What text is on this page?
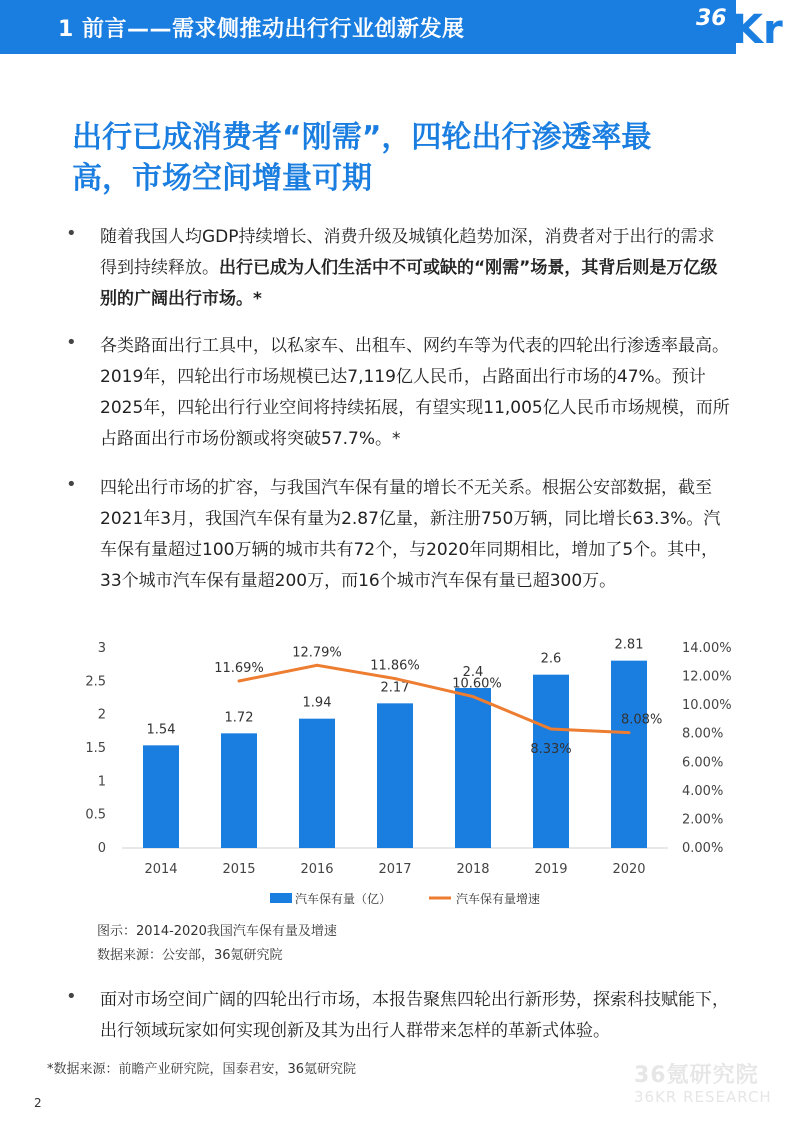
1 前言——需求侧推动出行行业创新发展	36 Kr
出行已成消费者“刚需”，四轮出行渗透率最
高，市场空间增量可期
• 随着我国人均GDP持续增长、消费升级及城镇化趋势加深，消费者对于出行的需求得到持续释放。出行已成为人们生活中不可或缺的“刚需”场景，其背后则是万亿级别的广阔出行市场。*
• 各类路面出行工具中，以私家车、出租车、网约车等为代表的四轮出行渗透率最高。2019年，四轮出行市场规模已达7,119亿人民币，占路面出行市场的47%。预计2025年，四轮出行行业空间将持续拓展，有望实现11,005亿人民币市场规模，而所占路面出行市场份额或将突破57.7%。*
• 四轮出行市场的扩容，与我国汽车保有量的增长不无关系。根据公安部数据，截至2021年3月，我国汽车保有量为2.87亿量，新注册750万辆，同比增长63.3%。汽车保有量超过100万辆的城市共有72个，与2020年同期相比，增加了5个。其中，33个城市汽车保有量超200万，而16个城市汽车保有量已超300万。
0
0.5
1
1.5
2
2.5
3
0.00%
2.00%
4.00%
6.00%
8.00%
10.00%
12.00%
14.00%
1.54
1.72
1.94
2.17
2.4
2.6
2.81
2014	2015	2016	2017	2018	2019	2020
11.69%
12.79%
11.86%
10.60%
8.33%
8.08%
汽车保有量（亿）	汽车保有量增速
图示：2014-2020我国汽车保有量及增速
数据来源：公安部，36氪研究院
• 面对市场空间广阔的四轮出行市场，本报告聚焦四轮出行新形势，探索科技赋能下，出行领域玩家如何实现创新及其为出行人群带来怎样的革新式体验。
*数据来源：前瞻产业研究院，国泰君安，36氪研究院
2
36氪研究院
36KR RESEARCH
